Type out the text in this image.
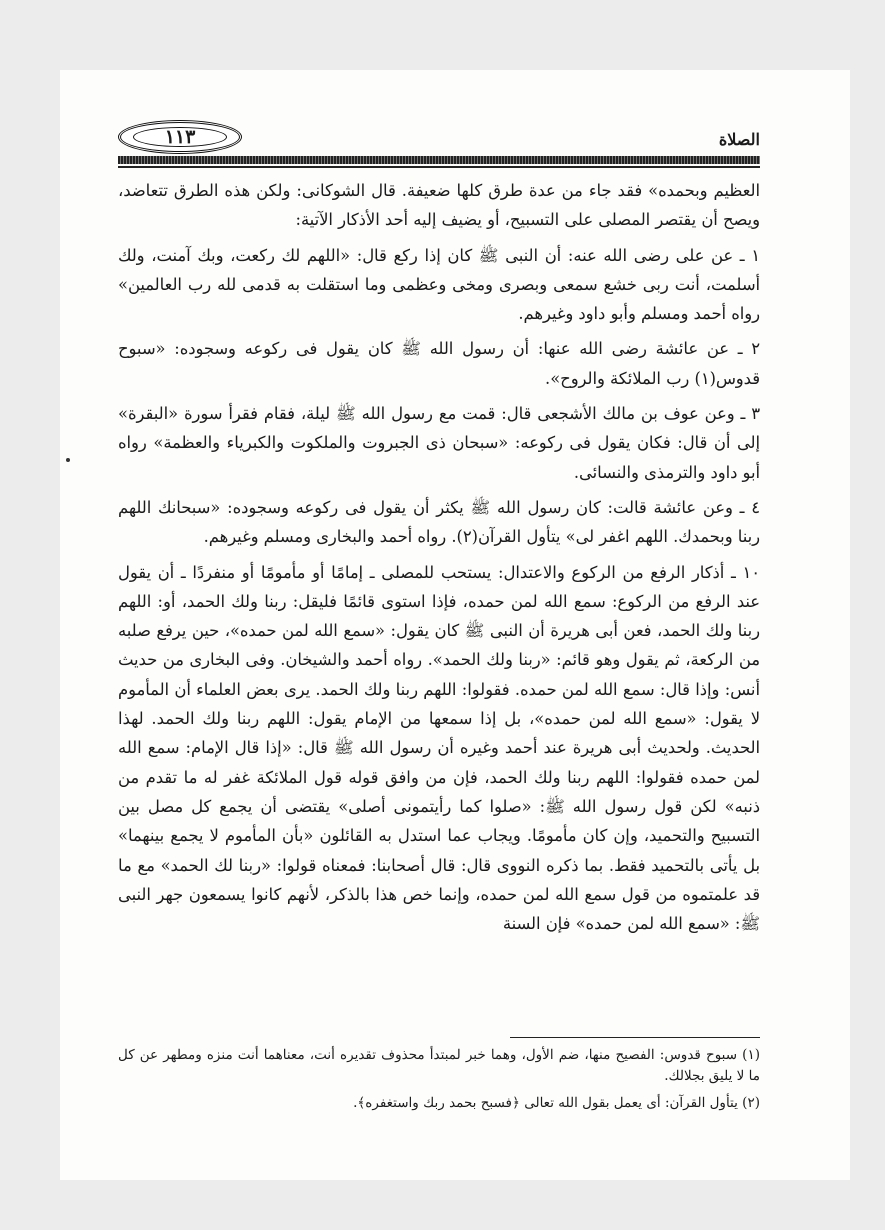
١١٣	الصلاة

العظيم وبحمده» فقد جاء من عدة طرق كلها ضعيفة. قال الشوكانى: ولكن هذه الطرق تتعاضد، ويصح أن يقتصر المصلى على التسبيح، أو يضيف إليه أحد الأذكار الآتية:

١ ـ عن على رضى الله عنه: أن النبى ﷺ كان إذا ركع قال: «اللهم لك ركعت، وبك آمنت، ولك أسلمت، أنت ربى خشع سمعى وبصرى ومخى وعظمى وما استقلت به قدمى لله رب العالمين» رواه أحمد ومسلم وأبو داود وغيرهم.

٢ ـ عن عائشة رضى الله عنها: أن رسول الله ﷺ كان يقول فى ركوعه وسجوده: «سبوح قدوس(١) رب الملائكة والروح».

٣ ـ وعن عوف بن مالك الأشجعى قال: قمت مع رسول الله ﷺ ليلة، فقام فقرأ سورة «البقرة» إلى أن قال: فكان يقول فى ركوعه: «سبحان ذى الجبروت والملكوت والكبرياء والعظمة» رواه أبو داود والترمذى والنسائى.

٤ ـ وعن عائشة قالت: كان رسول الله ﷺ يكثر أن يقول فى ركوعه وسجوده: «سبحانك اللهم ربنا وبحمدك. اللهم اغفر لى» يتأول القرآن(٢). رواه أحمد والبخارى ومسلم وغيرهم.

١٠ ـ أذكار الرفع من الركوع والاعتدال: يستحب للمصلى ـ إمامًا أو مأمومًا أو منفردًا ـ أن يقول عند الرفع من الركوع: سمع الله لمن حمده، فإذا استوى قائمًا فليقل: ربنا ولك الحمد، أو: اللهم ربنا ولك الحمد، فعن أبى هريرة أن النبى ﷺ كان يقول: «سمع الله لمن حمده»، حين يرفع صلبه من الركعة، ثم يقول وهو قائم: «ربنا ولك الحمد». رواه أحمد والشيخان. وفى البخارى من حديث أنس: وإذا قال: سمع الله لمن حمده. فقولوا: اللهم ربنا ولك الحمد. يرى بعض العلماء أن المأموم لا يقول: «سمع الله لمن حمده»، بل إذا سمعها من الإمام يقول: اللهم ربنا ولك الحمد. لهذا الحديث. ولحديث أبى هريرة عند أحمد وغيره أن رسول الله ﷺ قال: «إذا قال الإمام: سمع الله لمن حمده فقولوا: اللهم ربنا ولك الحمد، فإن من وافق قوله قول الملائكة غفر له ما تقدم من ذنبه» لكن قول رسول الله ﷺ: «صلوا كما رأيتمونى أصلى» يقتضى أن يجمع كل مصل بين التسبيح والتحميد، وإن كان مأمومًا. ويجاب عما استدل به القائلون «بأن المأموم لا يجمع بينهما» بل يأتى بالتحميد فقط. بما ذكره النووى قال: قال أصحابنا: فمعناه قولوا: «ربنا لك الحمد» مع ما قد علمتموه من قول سمع الله لمن حمده، وإنما خص هذا بالذكر، لأنهم كانوا يسمعون جهر النبى ﷺ: «سمع الله لمن حمده» فإن السنة

(١) سبوح قدوس: الفصيح منها، ضم الأول، وهما خبر لمبتدأ محذوف تقديره أنت، معناهما أنت منزه ومطهر عن كل ما لا يليق بجلالك.

(٢) يتأول القرآن: أى يعمل بقول الله تعالى ﴿فسبح بحمد ربك واستغفره﴾.
